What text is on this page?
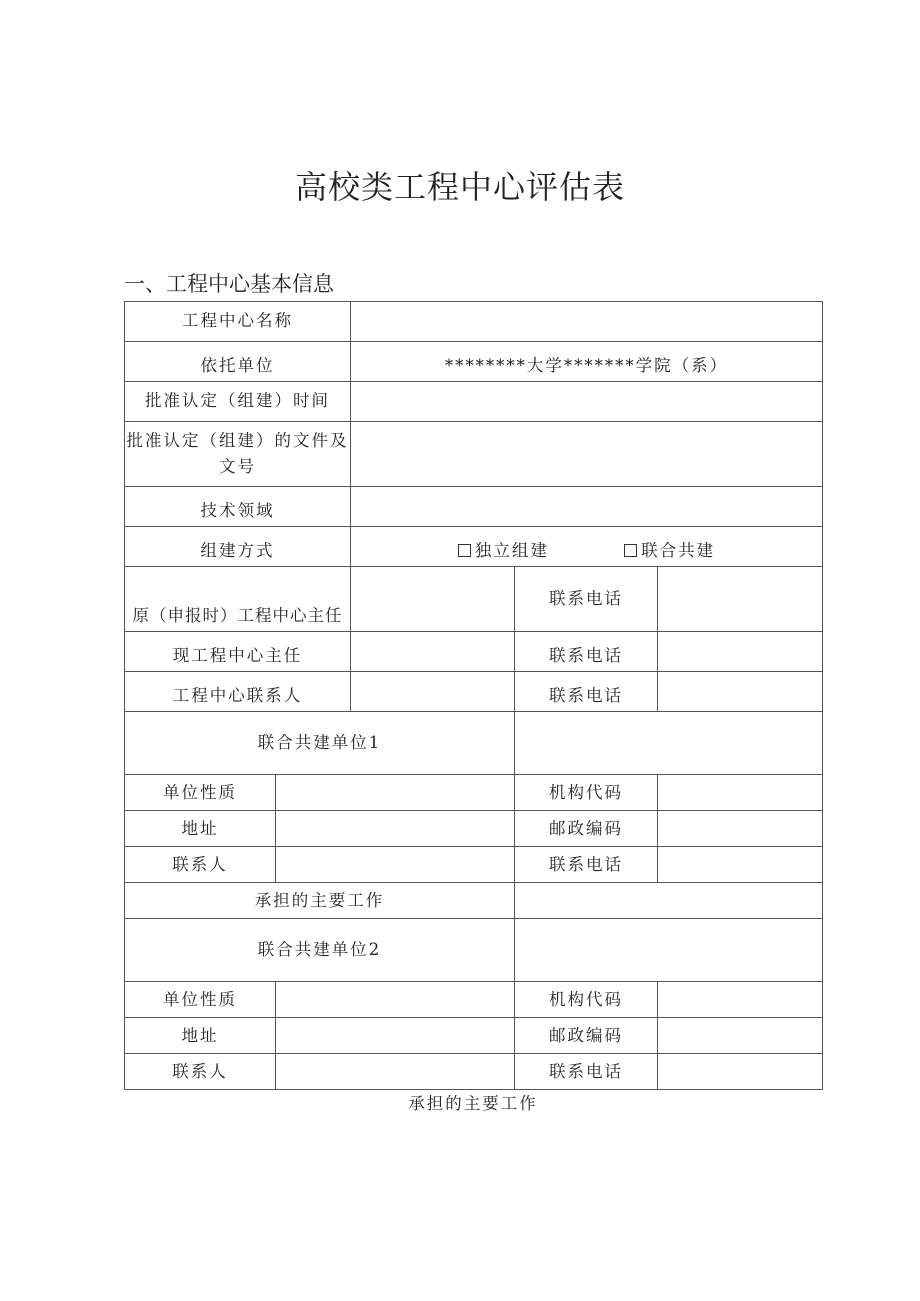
高校类工程中心评估表
一、工程中心基本信息
工程中心名称				
依托单位		********大学*******学院（系）		
批准认定（组建）时间				
批准认定（组建）的文件及文号				
技术领域				
组建方式		独立组建 联合共建		
原（申报时）工程中心主任			联系电话	
现工程中心主任			联系电话	
工程中心联系人			联系电话	
联合共建单位1				
单位性质			机构代码	
地址			邮政编码	
联系人			联系电话	
承担的主要工作				
联合共建单位2				
单位性质			机构代码	
地址			邮政编码	
联系人			联系电话	
承担的主要工作
